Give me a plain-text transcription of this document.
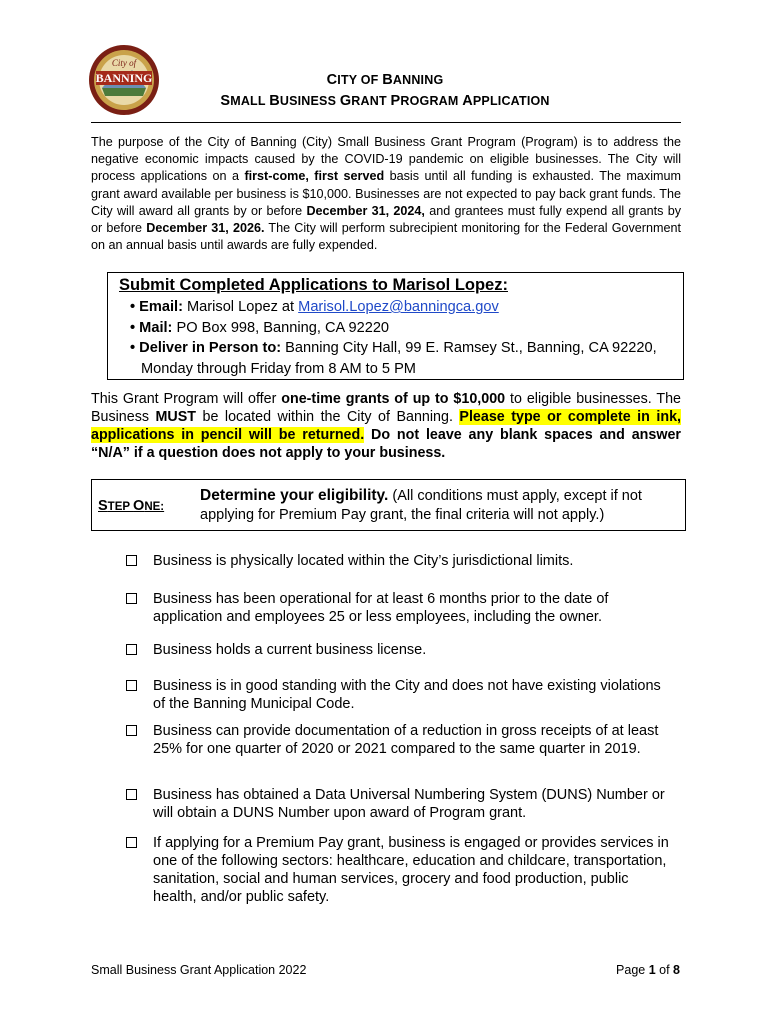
City of
BANNING	CITY OF BANNING
SMALL BUSINESS GRANT PROGRAM APPLICATION
The purpose of the City of Banning (City) Small Business Grant Program (Program) is to address the negative economic impacts caused by the COVID-19 pandemic on eligible businesses. The City will process applications on a first-come, first served basis until all funding is exhausted. The maximum grant award available per business is $10,000. Businesses are not expected to pay back grant funds. The City will award all grants by or before December 31, 2024, and grantees must fully expend all grants by or before December 31, 2026. The City will perform subrecipient monitoring for the Federal Government on an annual basis until awards are fully expended.
Submit Completed Applications to Marisol Lopez:
• Email: Marisol Lopez at Marisol.Lopez@banningca.gov
• Mail: PO Box 998, Banning, CA 92220
• Deliver in Person to: Banning City Hall, 99 E. Ramsey St., Banning, CA 92220, Monday through Friday from 8 AM to 5 PM
This Grant Program will offer one-time grants of up to $10,000 to eligible businesses. The Business MUST be located within the City of Banning. Please type or complete in ink, applications in pencil will be returned. Do not leave any blank spaces and answer “N/A” if a question does not apply to your business.
STEP ONE:
Determine your eligibility. (All conditions must apply, except if not applying for Premium Pay grant, the final criteria will not apply.)
Business is physically located within the City’s jurisdictional limits.
Business has been operational for at least 6 months prior to the date of application and employees 25 or less employees, including the owner.
Business holds a current business license.
Business is in good standing with the City and does not have existing violations of the Banning Municipal Code.
Business can provide documentation of a reduction in gross receipts of at least 25% for one quarter of 2020 or 2021 compared to the same quarter in 2019.
Business has obtained a Data Universal Numbering System (DUNS) Number or will obtain a DUNS Number upon award of Program grant.
If applying for a Premium Pay grant, business is engaged or provides services in one of the following sectors: healthcare, education and childcare, transportation, sanitation, social and human services, grocery and food production, public health, and/or public safety.
Small Business Grant Application 2022	Page 1 of 8
